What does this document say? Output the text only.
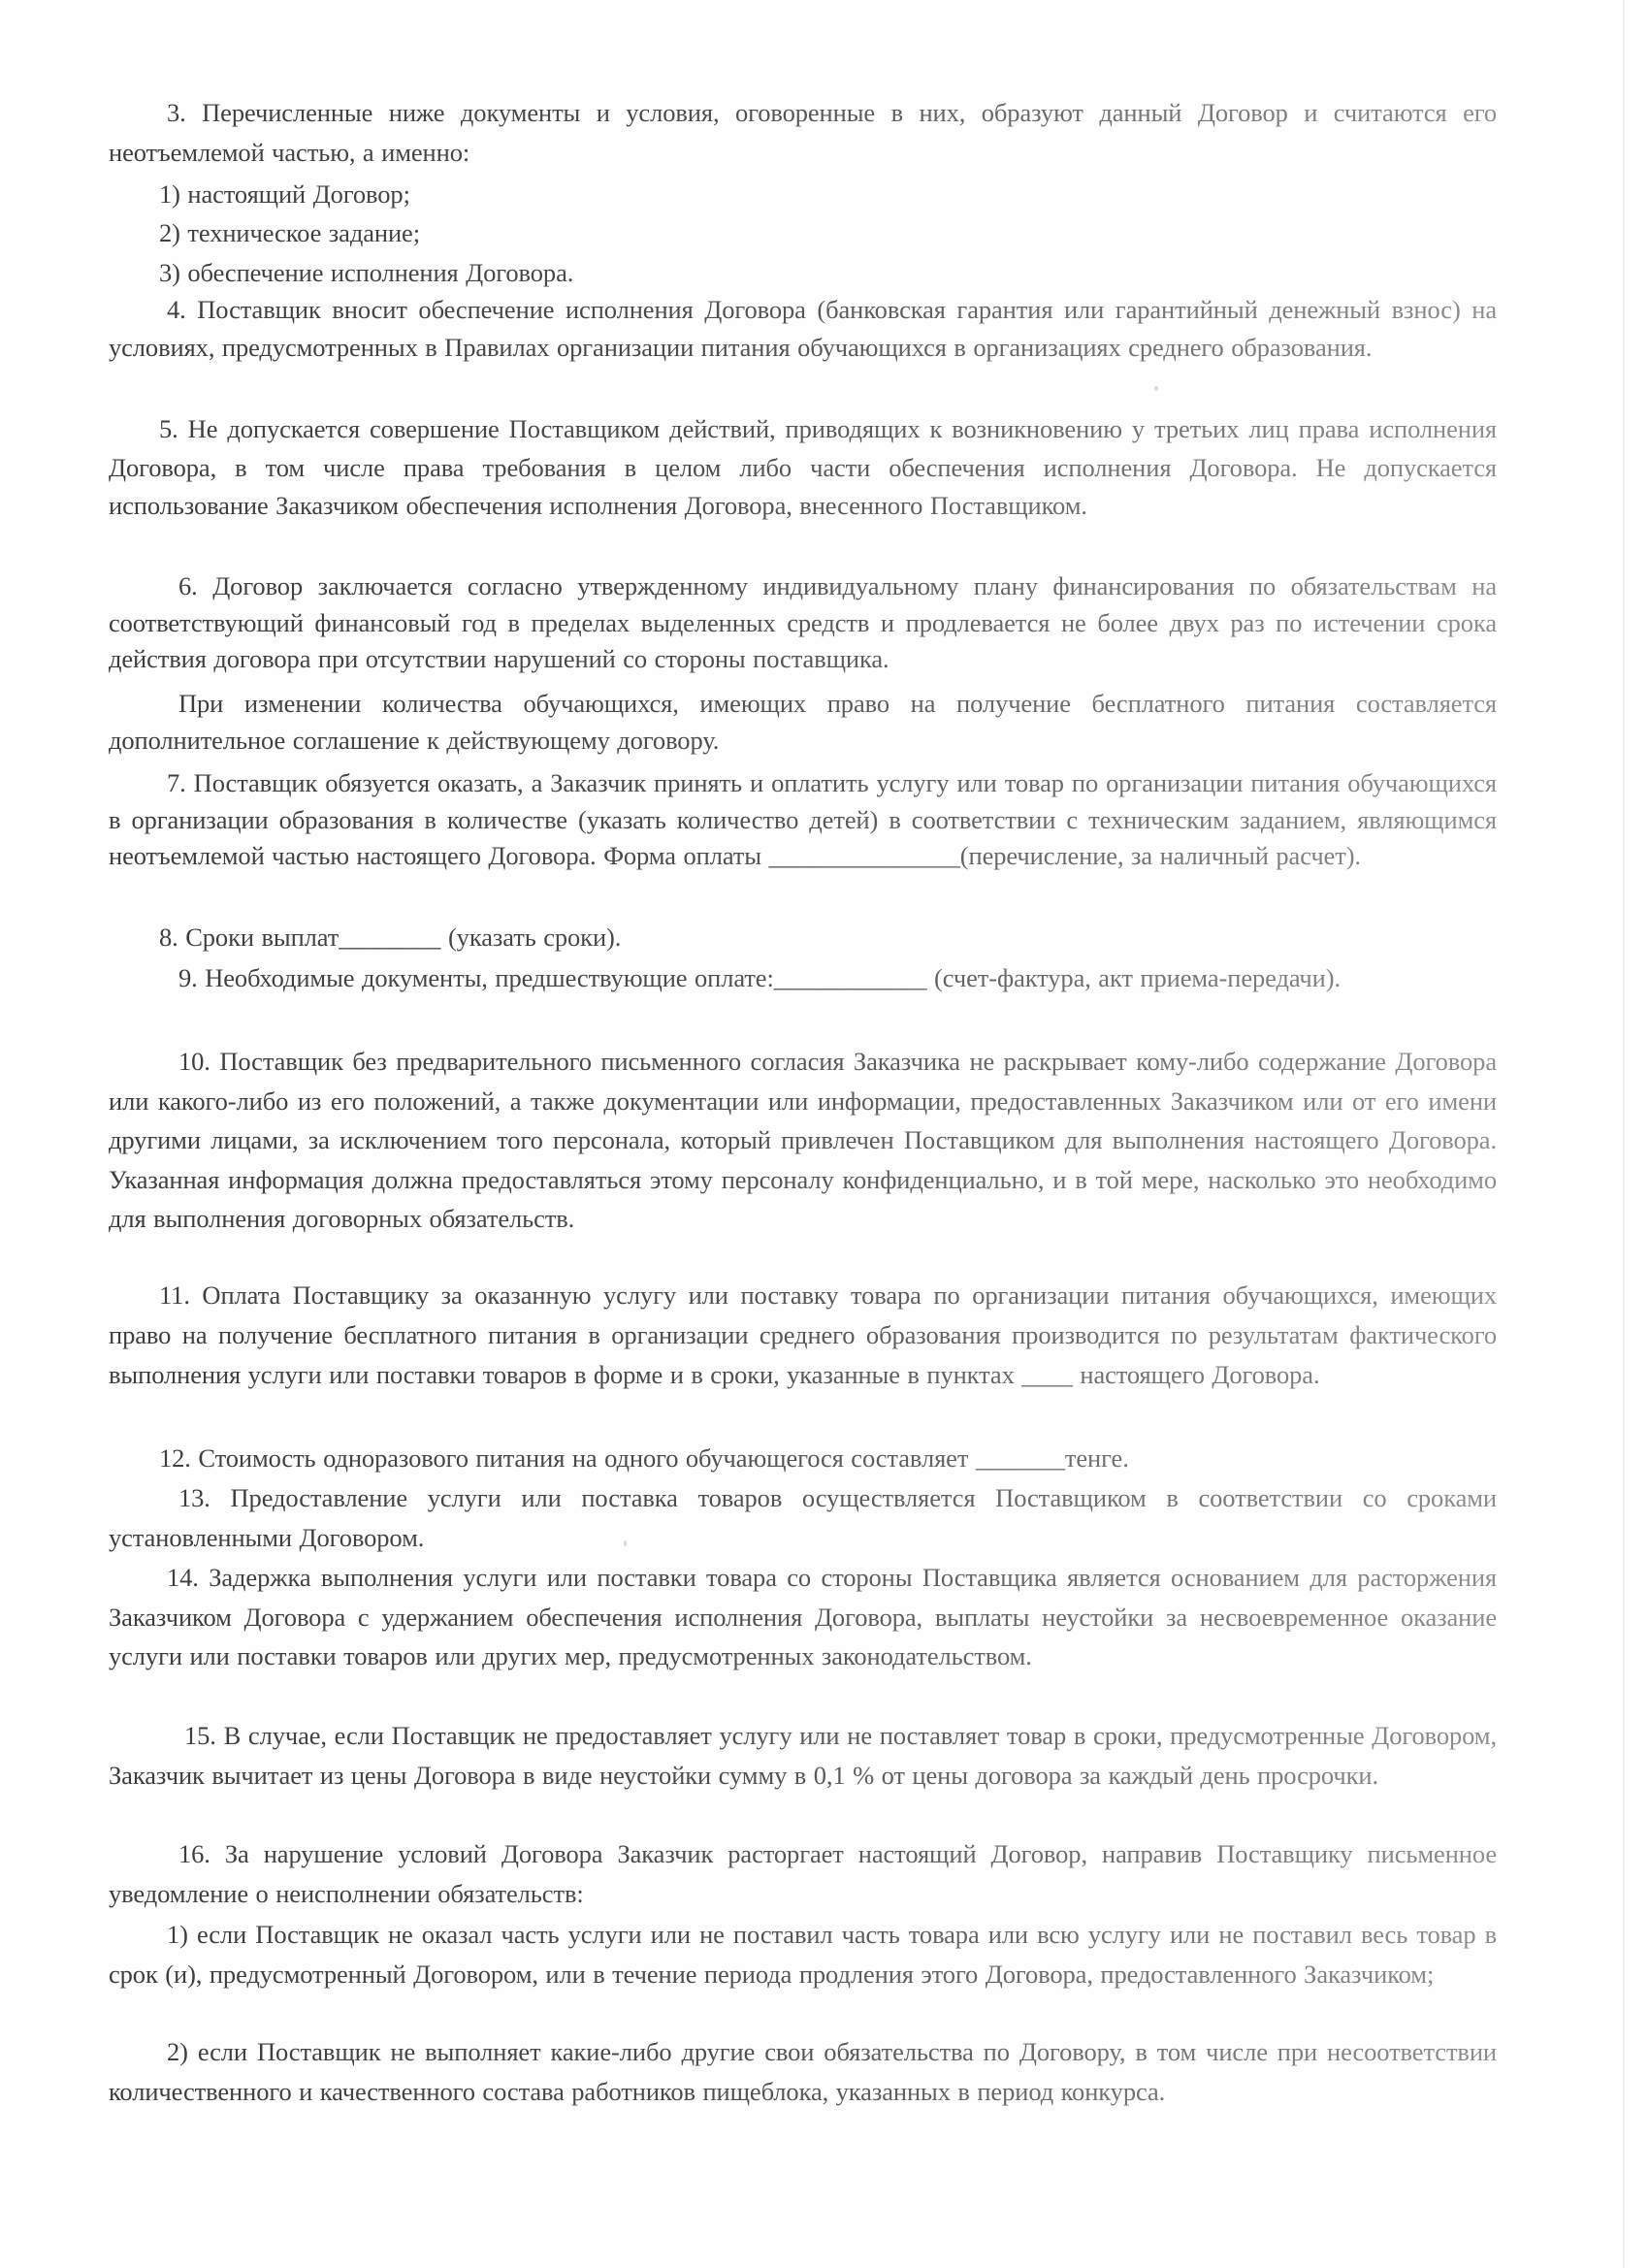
3. Перечисленные ниже документы и условия, оговоренные в них, образуют данный Договор и считаются его неотъемлемой частью, а именно:

1) настоящий Договор;

2) техническое задание;

3) обеспечение исполнения Договора.

4. Поставщик вносит обеспечение исполнения Договора (банковская гарантия или гарантийный денежный взнос) на условиях, предусмотренных в Правилах организации питания обучающихся в организациях среднего образования.

5. Не допускается совершение Поставщиком действий, приводящих к возникновению у третьих лиц права исполнения Договора, в том числе права требования в целом либо части обеспечения исполнения Договора. Не допускается использование Заказчиком обеспечения исполнения Договора, внесенного Поставщиком.

6. Договор заключается согласно утвержденному индивидуальному плану финансирования по обязательствам на соответствующий финансовый год в пределах выделенных средств и продлевается не более двух раз по истечении срока действия договора при отсутствии нарушений со стороны поставщика.

При изменении количества обучающихся, имеющих право на получение бесплатного питания составляется дополнительное соглашение к действующему договору.

7. Поставщик обязуется оказать, а Заказчик принять и оплатить услугу или товар по организации питания обучающихся в организации образования в количестве (указать количество детей) в соответствии с техническим заданием, являющимся неотъемлемой частью настоящего Договора. Форма оплаты _______________(перечисление, за наличный расчет).

8. Сроки выплат________ (указать сроки).

9. Необходимые документы, предшествующие оплате:____________ (счет-фактура, акт приема-передачи).

10. Поставщик без предварительного письменного согласия Заказчика не раскрывает кому-либо содержание Договора или какого-либо из его положений, а также документации или информации, предоставленных Заказчиком или от его имени другими лицами, за исключением того персонала, который привлечен Поставщиком для выполнения настоящего Договора. Указанная информация должна предоставляться этому персоналу конфиденциально, и в той мере, насколько это необходимо для выполнения договорных обязательств.

11. Оплата Поставщику за оказанную услугу или поставку товара по организации питания обучающихся, имеющих право на получение бесплатного питания в организации среднего образования производится по результатам фактического выполнения услуги или поставки товаров в форме и в сроки, указанные в пунктах ____ настоящего Договора.

12. Стоимость одноразового питания на одного обучающегося составляет _______тенге.

13. Предоставление услуги или поставка товаров осуществляется Поставщиком в соответствии со сроками установленными Договором.

14. Задержка выполнения услуги или поставки товара со стороны Поставщика является основанием для расторжения Заказчиком Договора с удержанием обеспечения исполнения Договора, выплаты неустойки за несвоевременное оказание услуги или поставки товаров или других мер, предусмотренных законодательством.

15. В случае, если Поставщик не предоставляет услугу или не поставляет товар в сроки, предусмотренные Договором, Заказчик вычитает из цены Договора в виде неустойки сумму в 0,1 % от цены договора за каждый день просрочки.

16. За нарушение условий Договора Заказчик расторгает настоящий Договор, направив Поставщику письменное уведомление о неисполнении обязательств:

1) если Поставщик не оказал часть услуги или не поставил часть товара или всю услугу или не поставил весь товар в срок (и), предусмотренный Договором, или в течение периода продления этого Договора, предоставленного Заказчиком;

2) если Поставщик не выполняет какие-либо другие свои обязательства по Договору, в том числе при несоответствии количественного и качественного состава работников пищеблока, указанных в период конкурса.
